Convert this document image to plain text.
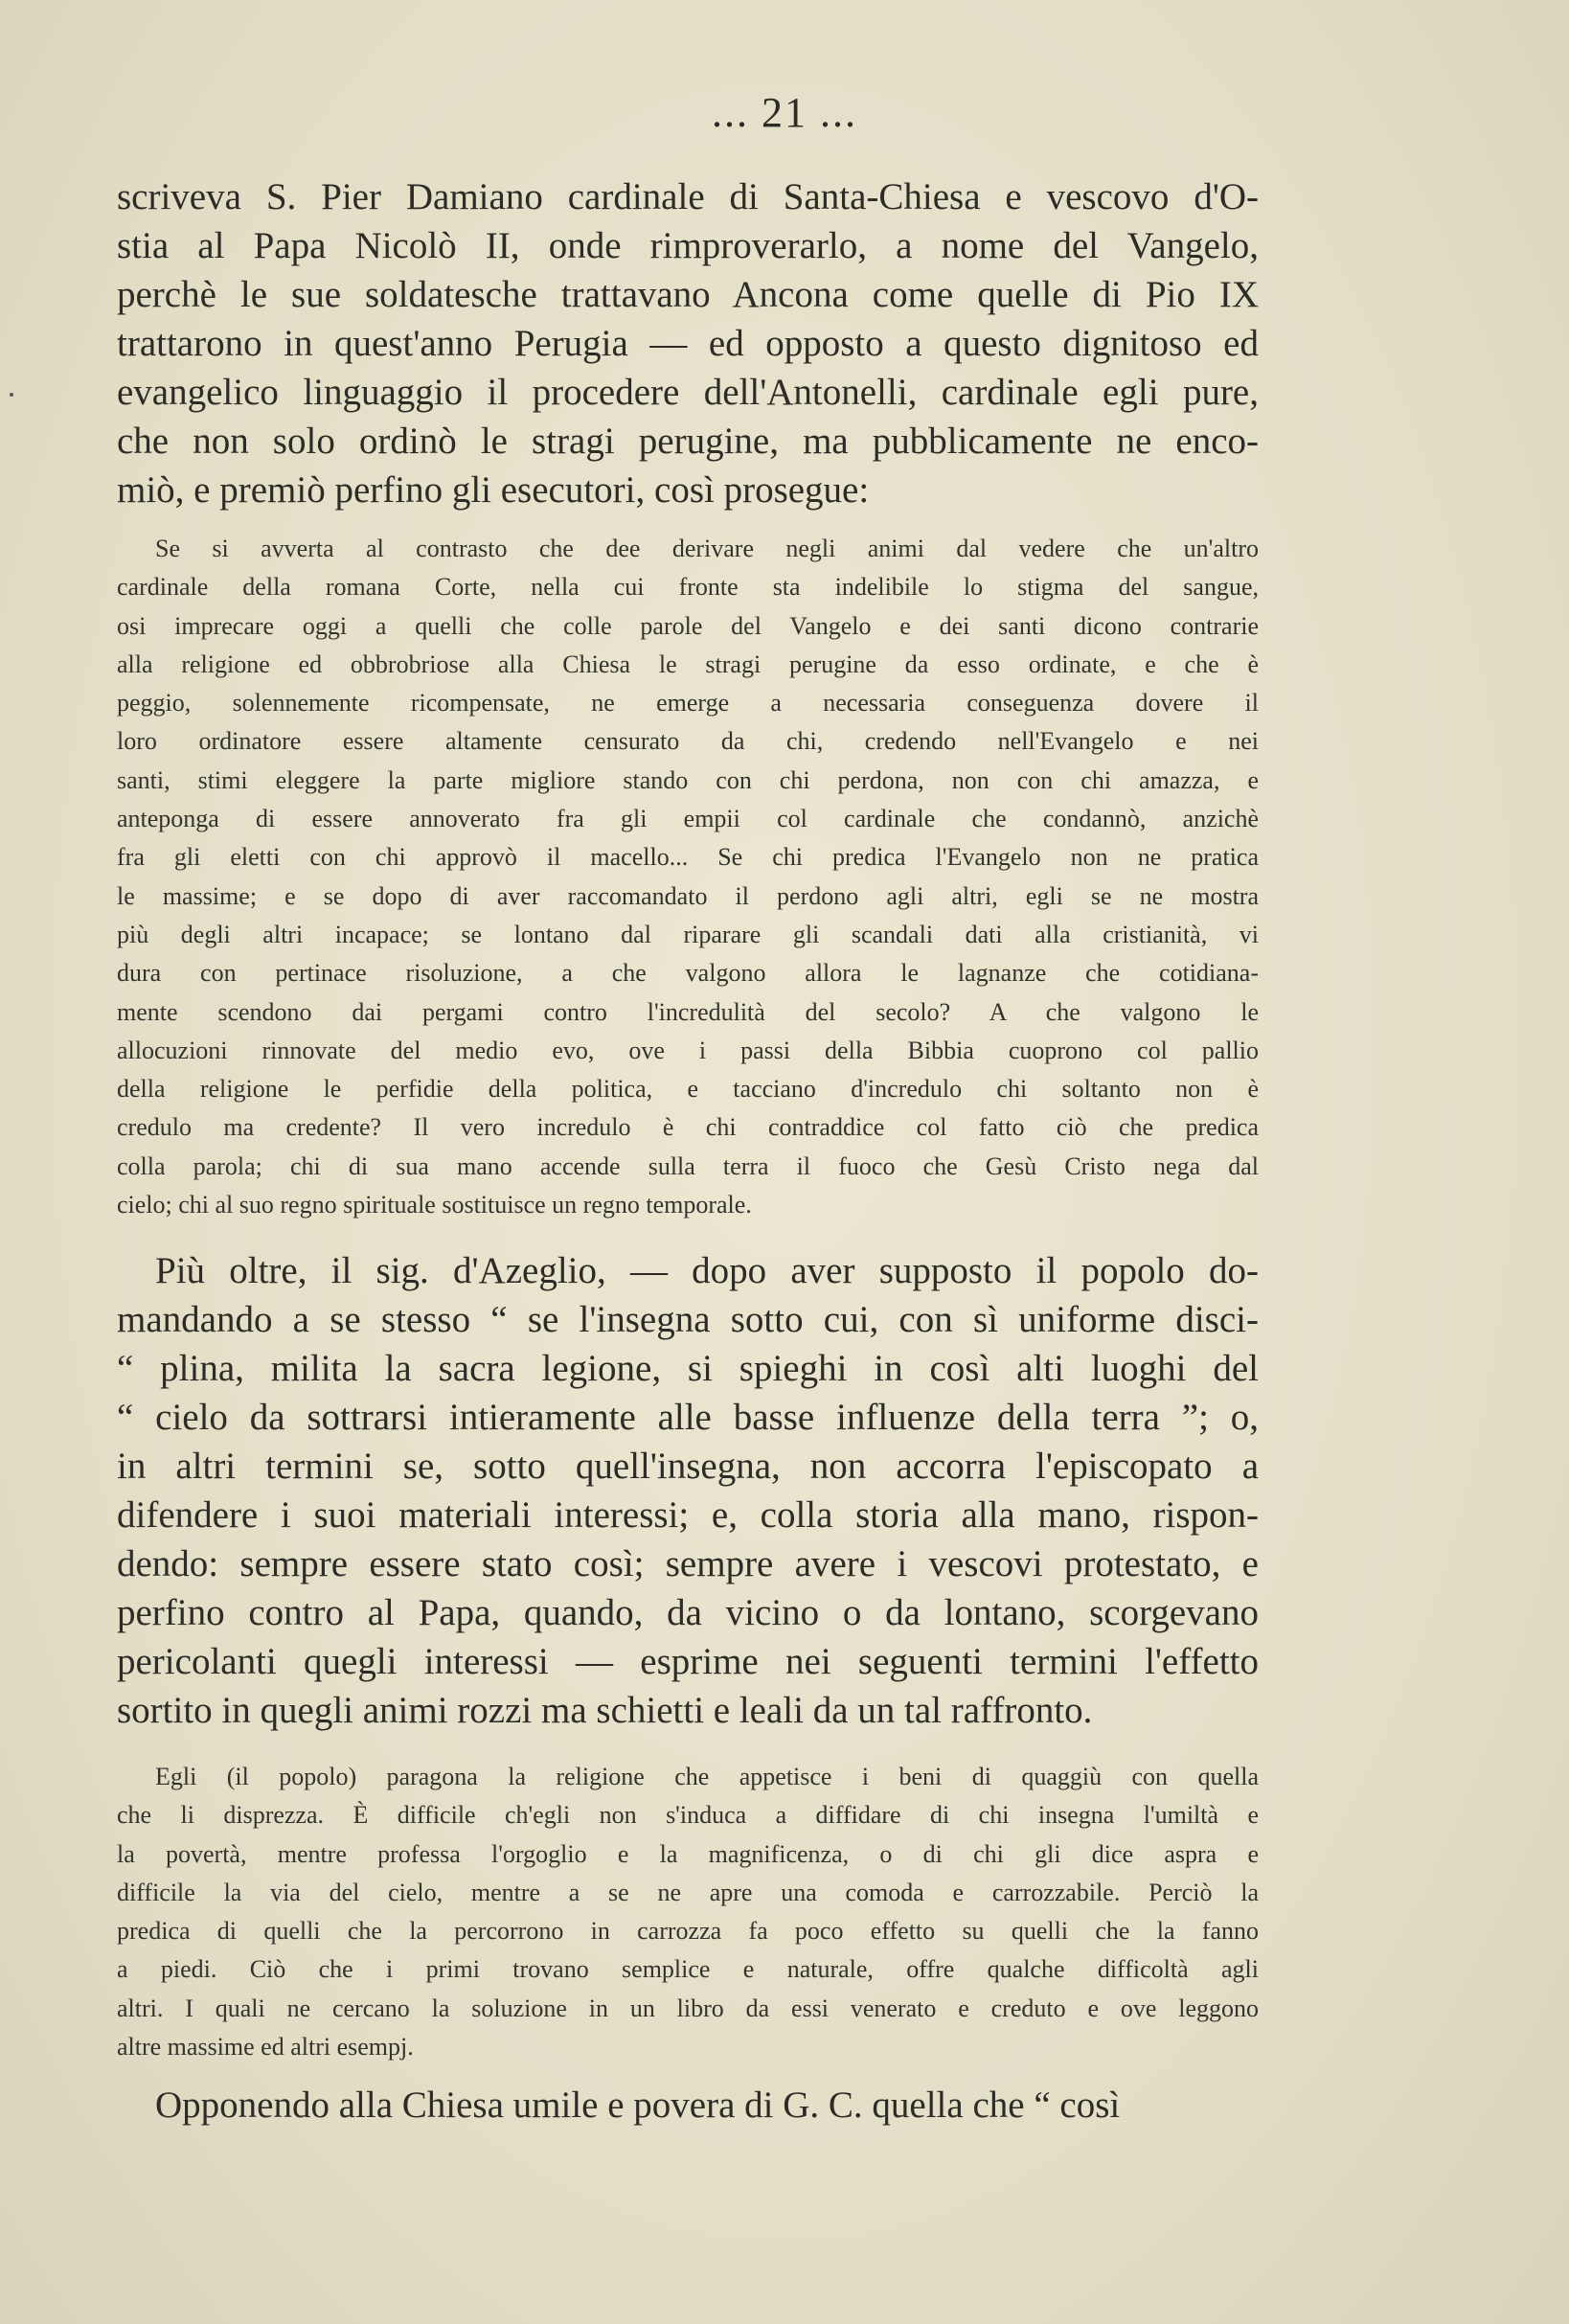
... 21 ...
scriveva S. Pier Damiano cardinale di Santa-Chiesa e vescovo d'O-
stia al Papa Nicolò II, onde rimproverarlo, a nome del Vangelo,
perchè le sue soldatesche trattavano Ancona come quelle di Pio IX
trattarono in quest'anno Perugia — ed opposto a questo dignitoso ed
evangelico linguaggio il procedere dell'Antonelli, cardinale egli pure,
che non solo ordinò le stragi perugine, ma pubblicamente ne enco-
miò, e premiò perfino gli esecutori, così prosegue:
Se si avverta al contrasto che dee derivare negli animi dal vedere che un'altro
cardinale della romana Corte, nella cui fronte sta indelibile lo stigma del sangue,
osi imprecare oggi a quelli che colle parole del Vangelo e dei santi dicono contrarie
alla religione ed obbrobriose alla Chiesa le stragi perugine da esso ordinate, e che è
peggio, solennemente ricompensate, ne emerge a necessaria conseguenza dovere il
loro ordinatore essere altamente censurato da chi, credendo nell'Evangelo e nei
santi, stimi eleggere la parte migliore stando con chi perdona, non con chi amazza, e
anteponga di essere annoverato fra gli empii col cardinale che condannò, anzichè
fra gli eletti con chi approvò il macello... Se chi predica l'Evangelo non ne pratica
le massime; e se dopo di aver raccomandato il perdono agli altri, egli se ne mostra
più degli altri incapace; se lontano dal riparare gli scandali dati alla cristianità, vi
dura con pertinace risoluzione, a che valgono allora le lagnanze che cotidiana-
mente scendono dai pergami contro l'incredulità del secolo? A che valgono le
allocuzioni rinnovate del medio evo, ove i passi della Bibbia cuoprono col pallio
della religione le perfidie della politica, e tacciano d'incredulo chi soltanto non è
credulo ma credente? Il vero incredulo è chi contraddice col fatto ciò che predica
colla parola; chi di sua mano accende sulla terra il fuoco che Gesù Cristo nega dal
cielo; chi al suo regno spirituale sostituisce un regno temporale.
Più oltre, il sig. d'Azeglio, — dopo aver supposto il popolo do-
mandando a se stesso “ se l'insegna sotto cui, con sì uniforme disci-
“ plina, milita la sacra legione, si spieghi in così alti luoghi del
“ cielo da sottrarsi intieramente alle basse influenze della terra ”; o,
in altri termini se, sotto quell'insegna, non accorra l'episcopato a
difendere i suoi materiali interessi; e, colla storia alla mano, rispon-
dendo: sempre essere stato così; sempre avere i vescovi protestato, e
perfino contro al Papa, quando, da vicino o da lontano, scorgevano
pericolanti quegli interessi — esprime nei seguenti termini l'effetto
sortito in quegli animi rozzi ma schietti e leali da un tal raffronto.
Egli (il popolo) paragona la religione che appetisce i beni di quaggiù con quella
che li disprezza. È difficile ch'egli non s'induca a diffidare di chi insegna l'umiltà e
la povertà, mentre professa l'orgoglio e la magnificenza, o di chi gli dice aspra e
difficile la via del cielo, mentre a se ne apre una comoda e carrozzabile. Perciò la
predica di quelli che la percorrono in carrozza fa poco effetto su quelli che la fanno
a piedi. Ciò che i primi trovano semplice e naturale, offre qualche difficoltà agli
altri. I quali ne cercano la soluzione in un libro da essi venerato e creduto e ove leggono
altre massime ed altri esempj.
Opponendo alla Chiesa umile e povera di G. C. quella che “ così
